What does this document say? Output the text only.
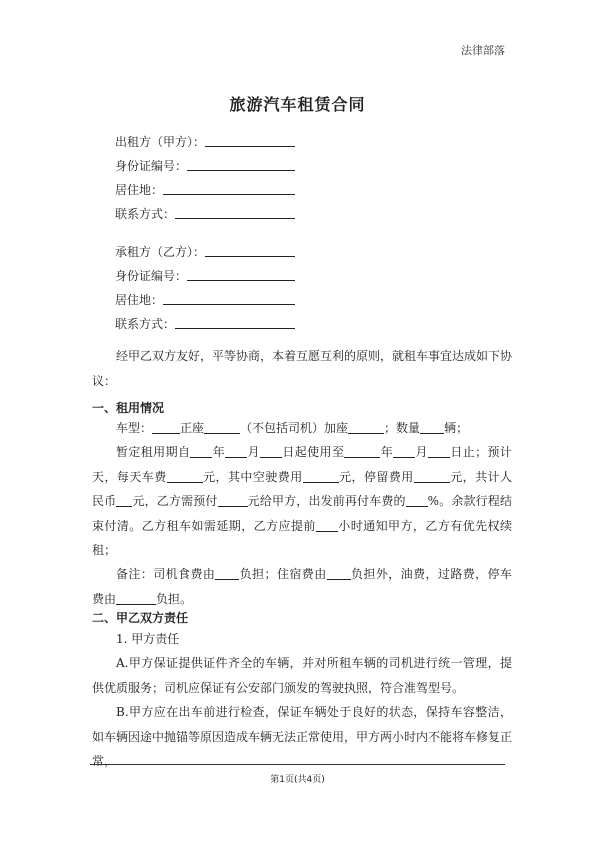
法律部落
旅游汽车租赁合同
出租方（甲方）：
身份证编号：
居住地：
联系方式：
承租方（乙方）：
身份证编号：
居住地：
联系方式：
经甲乙双方友好，平等协商，本着互愿互利的原则，就租车事宜达成如下协议：
一、租用情况
车型： 正座	（不包括司机）加座	；数量 辆；
暂定租用期自 年 月 日起使用至	年 月 日止；预计天，每天车费	元，其中空驶费用	元，停留费用	元，共计人民币 元，乙方需预付	元给甲方，出发前再付车费的 %。余款行程结束付清。乙方租车如需延期，乙方应提前 小时通知甲方，乙方有优先权续租；
备注：司机食费由 负担；住宿费由 负担外，油费，过路费，停车费由	负担。
二、甲乙双方责任
1. 甲方责任
A.甲方保证提供证件齐全的车辆，并对所租车辆的司机进行统一管理，提供优质服务；司机应保证有公安部门颁发的驾驶执照，符合准驾型号。
B.甲方应在出车前进行检查，保证车辆处于良好的状态，保持车容整洁，如车辆因途中抛锚等原因造成车辆无法正常使用，甲方两小时内不能将车修复正常，
第1页(共4页)
